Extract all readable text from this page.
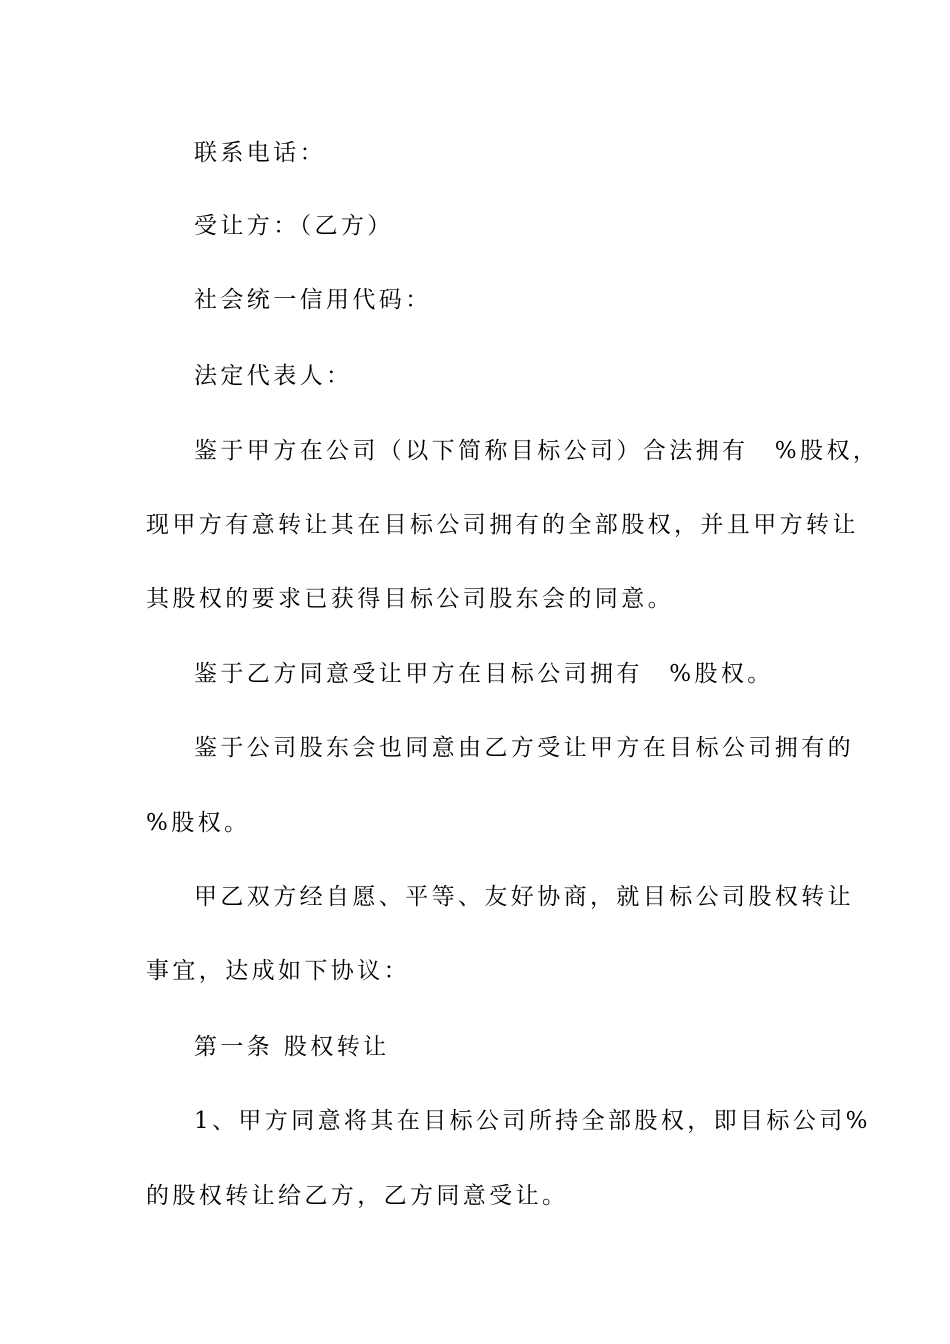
联系电话：
受让方：（乙方）
社会统一信用代码：
法定代表人：
鉴于甲方在公司（以下简称目标公司）合法拥有　%股权，
现甲方有意转让其在目标公司拥有的全部股权，并且甲方转让
其股权的要求已获得目标公司股东会的同意。
鉴于乙方同意受让甲方在目标公司拥有　%股权。
鉴于公司股东会也同意由乙方受让甲方在目标公司拥有的
%股权。
甲乙双方经自愿、平等、友好协商，就目标公司股权转让
事宜，达成如下协议：
第一条 股权转让
1、甲方同意将其在目标公司所持全部股权，即目标公司%
的股权转让给乙方，乙方同意受让。
